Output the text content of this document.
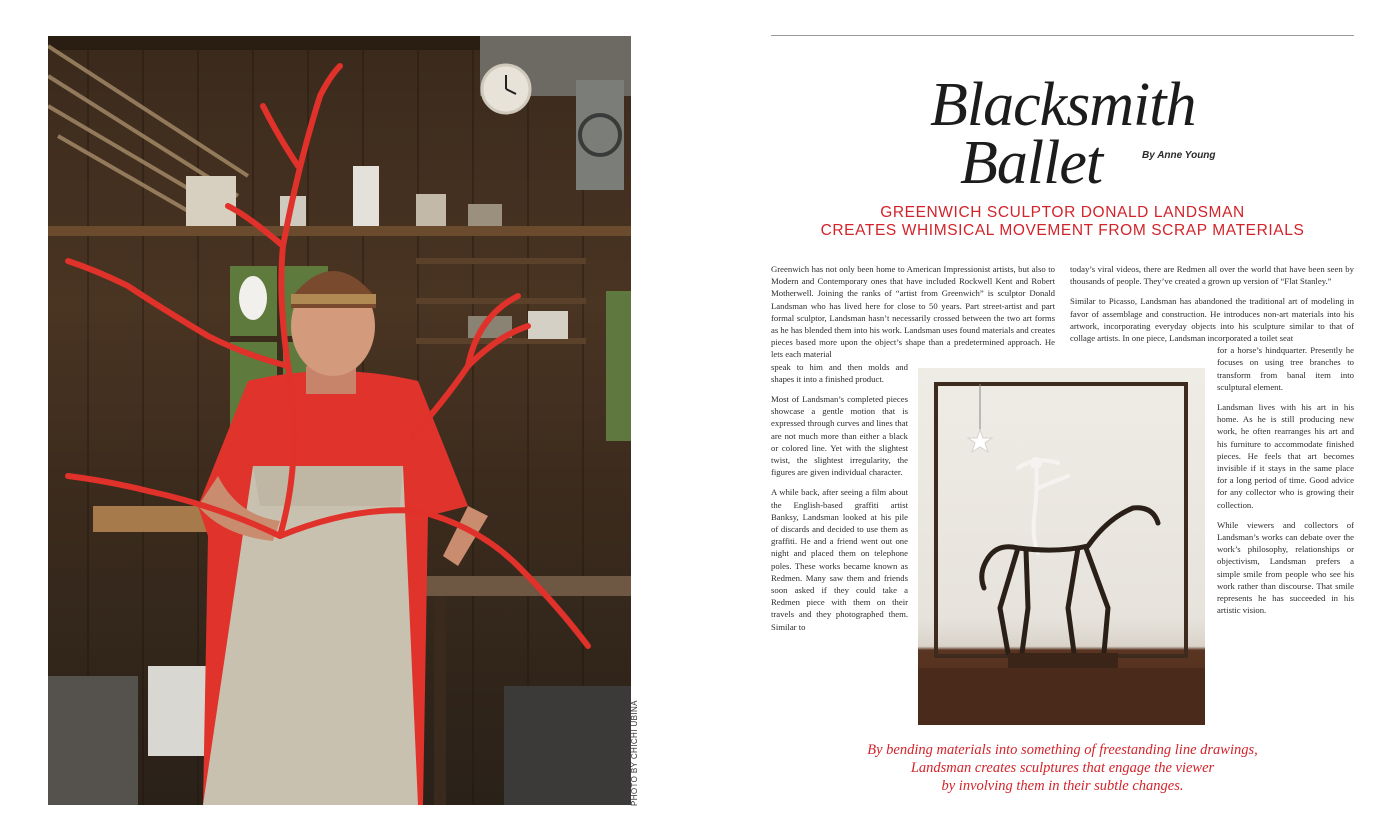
PHOTO BY CHICHI UBIÑA
Blacksmith
Ballet	By Anne Young
GREENWICH SCULPTOR DONALD LANDSMAN
CREATES WHIMSICAL MOVEMENT FROM SCRAP MATERIALS

Greenwich has not only been home to American Impressionist artists, but also to Modern and Contemporary ones that have included Rockwell Kent and Robert Motherwell. Joining the ranks of “artist from Greenwich” is sculptor Donald Landsman who has lived here for close to 50 years. Part street-artist and part formal sculptor, Landsman hasn’t necessarily crossed between the two art forms as he has blended them into his work. Landsman uses found materials and creates pieces based more upon the object’s shape than a predetermined approach. He lets each material

speak to him and then molds and shapes it into a finished product.

Most of Landsman’s completed pieces showcase a gentle motion that is expressed through curves and lines that are not much more than either a black or colored line. Yet with the slightest twist, the slightest irregularity, the figures are given individual character.

A while back, after seeing a film about the English-based graffiti artist Banksy, Landsman looked at his pile of discards and decided to use them as graffiti. He and a friend went out one night and placed them on telephone poles. These works became known as Redmen. Many saw them and friends soon asked if they could take a Redmen piece with them on their travels and they photographed them. Similar to

today’s viral videos, there are Redmen all over the world that have been seen by thousands of people. They’ve created a grown up version of “Flat Stanley.”

Similar to Picasso, Landsman has abandoned the traditional art of modeling in favor of assemblage and construction. He introduces non-art materials into his artwork, incorporating everyday objects into his sculpture similar to that of collage artists. In one piece, Landsman incorporated a toilet seat

for a horse’s hindquarter. Presently he focuses on using tree branches to transform from banal item into sculptural element.

Landsman lives with his art in his home. As he is still producing new work, he often rearranges his art and his furniture to accommodate finished pieces. He feels that art becomes invisible if it stays in the same place for a long period of time. Good advice for any collector who is growing their collection.

While viewers and collectors of Landsman’s works can debate over the work’s philosophy, relationships or objectivism, Landsman prefers a simple smile from people who see his work rather than discourse. That smile represents he has succeeded in his artistic vision.

By bending materials into something of freestanding line drawings,
Landsman creates sculptures that engage the viewer
by involving them in their subtle changes.
